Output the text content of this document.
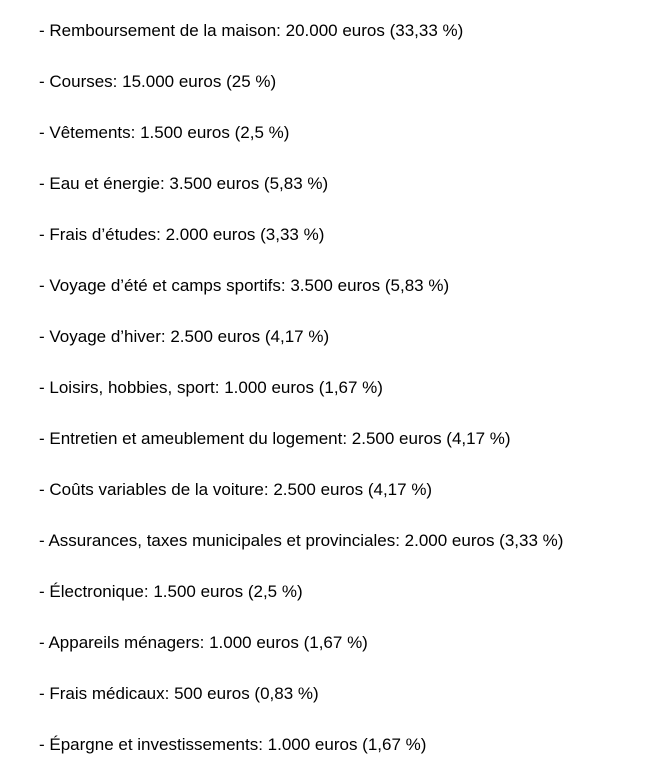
- Remboursement de la maison: 20.000 euros (33,33 %)
- Courses: 15.000 euros (25 %)
- Vêtements: 1.500 euros (2,5 %)
- Eau et énergie: 3.500 euros (5,83 %)
- Frais d’études: 2.000 euros (3,33 %)
- Voyage d’été et camps sportifs: 3.500 euros (5,83 %)
- Voyage d’hiver: 2.500 euros (4,17 %)
- Loisirs, hobbies, sport: 1.000 euros (1,67 %)
- Entretien et ameublement du logement: 2.500 euros (4,17 %)
- Coûts variables de la voiture: 2.500 euros (4,17 %)
- Assurances, taxes municipales et provinciales: 2.000 euros (3,33 %)
- Électronique: 1.500 euros (2,5 %)
- Appareils ménagers: 1.000 euros (1,67 %)
- Frais médicaux: 500 euros (0,83 %)
- Épargne et investissements: 1.000 euros (1,67 %)
